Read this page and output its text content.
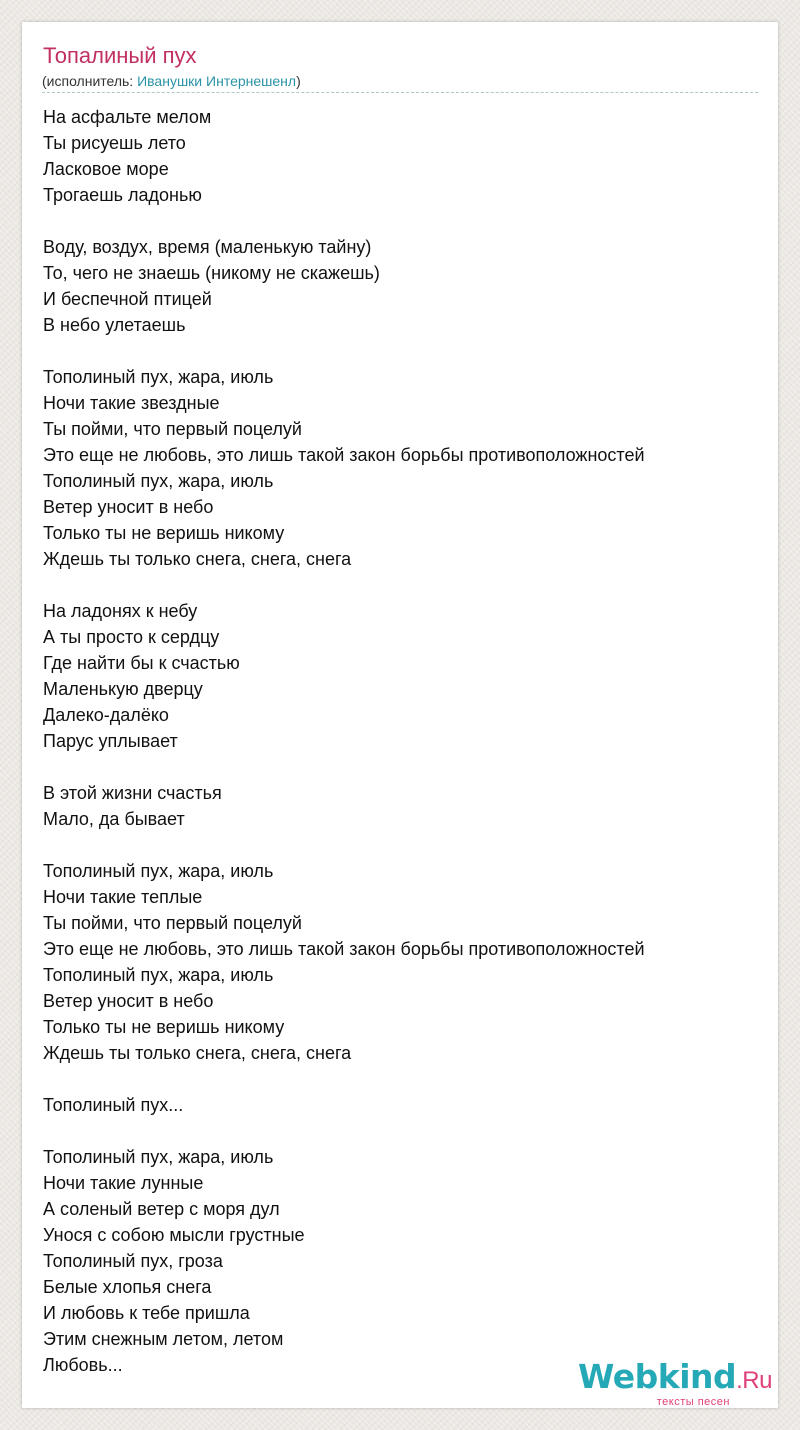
Топалиный пух
(исполнитель: Иванушки Интернешенл)
На асфальте мелом
Ты рисуешь лето
Ласковое море
Трогаешь ладонью
Воду, воздух, время (маленькую тайну)
То, чего не знаешь (никому не скажешь)
И беспечной птицей
В небо улетаешь
Тополиный пух, жара, июль
Ночи такие звездные
Ты пойми, что первый поцелуй
Это еще не любовь, это лишь такой закон борьбы противоположностей
Тополиный пух, жара, июль
Ветер уносит в небо
Только ты не веришь никому
Ждешь ты только снега, снега, снега
На ладонях к небу
А ты просто к сердцу
Где найти бы к счастью
Маленькую дверцу
Далеко-далёко
Парус уплывает
В этой жизни счастья
Мало, да бывает
Тополиный пух, жара, июль
Ночи такие теплые
Ты пойми, что первый поцелуй
Это еще не любовь, это лишь такой закон борьбы противоположностей
Тополиный пух, жара, июль
Ветер уносит в небо
Только ты не веришь никому
Ждешь ты только снега, снега, снега
Тополиный пух...
Тополиный пух, жара, июль
Ночи такие лунные
А соленый ветер с моря дул
Унося с собою мысли грустные
Тополиный пух, гроза
Белые хлопья снега
И любовь к тебе пришла
Этим снежным летом, летом
Любовь...	Webkind.Ru
тексты песен
